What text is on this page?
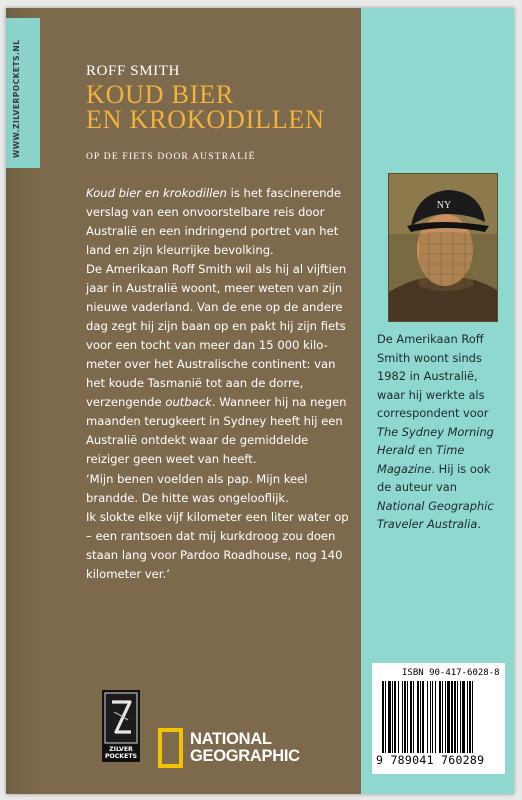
WWW.ZILVERPOCKETS.NL	ROFF SMITH
KOUD BIER
EN KROKODILLEN
OP DE FIETS DOOR AUSTRALIË

Koud bier en krokodillen is het fascinerende verslag van een onvoorstelbare reis door Australië en een indringend portret van het land en zijn kleurrijke bevolking.

De Amerikaan Roff Smith wil als hij al vijftien jaar in Australië woont, meer weten van zijn nieuwe vaderland. Van de ene op de andere dag zegt hij zijn baan op en pakt hij zijn fiets voor een tocht van meer dan 15 000 kilo-meter over het Australische continent: van het koude Tasmanië tot aan de dorre, verzengende outback. Wanneer hij na negen maanden terugkeert in Sydney heeft hij een Australië ontdekt waar de gemiddelde reiziger geen weet van heeft.

‘Mijn benen voelden als pap. Mijn keel brandde. De hitte was ongelooflijk.
Ik slokte elke vijf kilometer een liter water op – een rantsoen dat mij kurkdroog zou doen staan lang voor Pardoo Roadhouse, nog 140 kilometer ver.’
NY
De Amerikaan Roff Smith woont sinds 1982 in Australië, waar hij werkte als correspondent voor The Sydney Morning Herald en Time Magazine. Hij is ook de auteur van National Geographic Traveler Australia.
ISBN 90-417-6028-8
9 789041 760289
ZILVER
POCKETS
NATIONAL
GEOGRAPHIC
